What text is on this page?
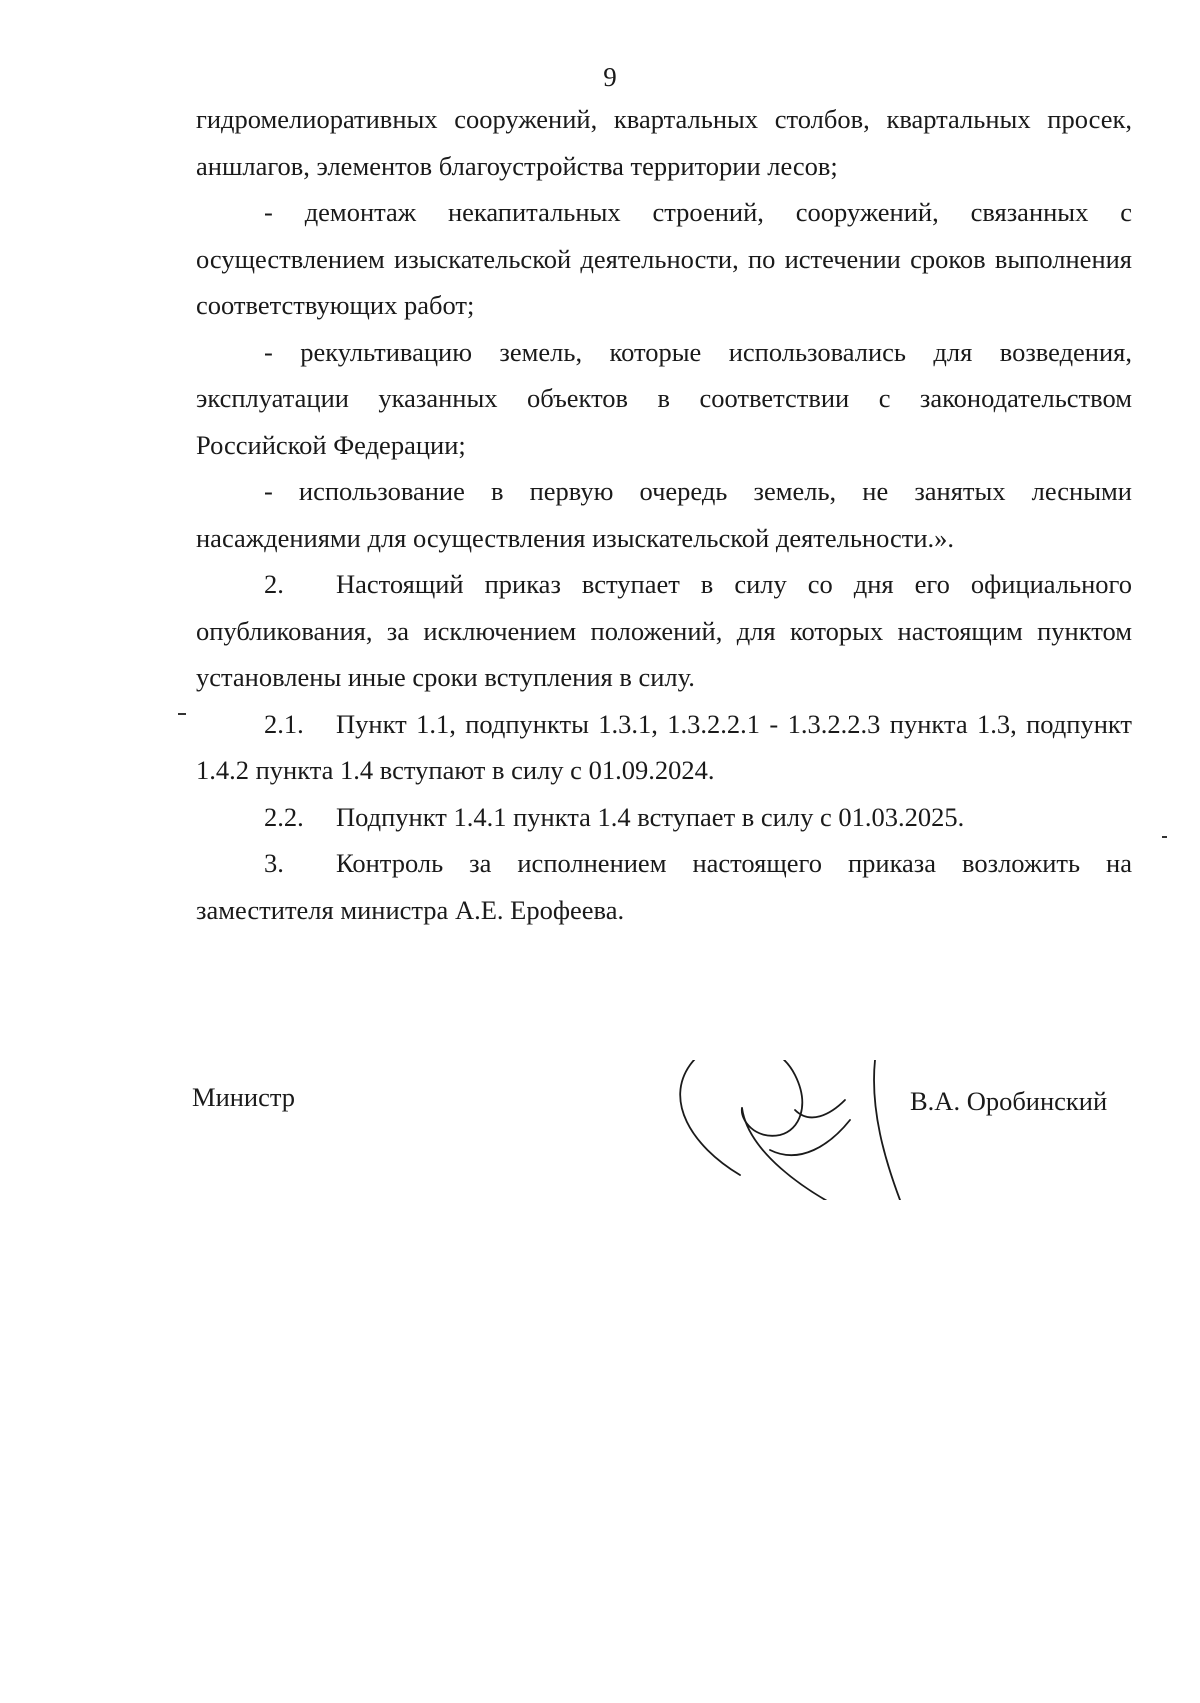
9

гидромелиоративных сооружений, квартальных столбов, квартальных просек, аншлагов, элементов благоустройства территории лесов;

- демонтаж некапитальных строений, сооружений, связанных с осуществлением изыскательской деятельности, по истечении сроков выполнения соответствующих работ;

- рекультивацию земель, которые использовались для возведения, эксплуатации указанных объектов в соответствии с законодательством Российской Федерации;

- использование в первую очередь земель, не занятых лесными насаждениями для осуществления изыскательской деятельности.».

2. Настоящий приказ вступает в силу со дня его официального опубликования, за исключением положений, для которых настоящим пунктом установлены иные сроки вступления в силу.

2.1. Пункт 1.1, подпункты 1.3.1, 1.3.2.2.1 - 1.3.2.2.3 пункта 1.3, подпункт 1.4.2 пункта 1.4 вступают в силу с 01.09.2024.

2.2. Подпункт 1.4.1 пункта 1.4 вступает в силу с 01.03.2025.

3. Контроль за исполнением настоящего приказа возложить на заместителя министра А.Е. Ерофеева.

Министр	В.А. Оробинский
